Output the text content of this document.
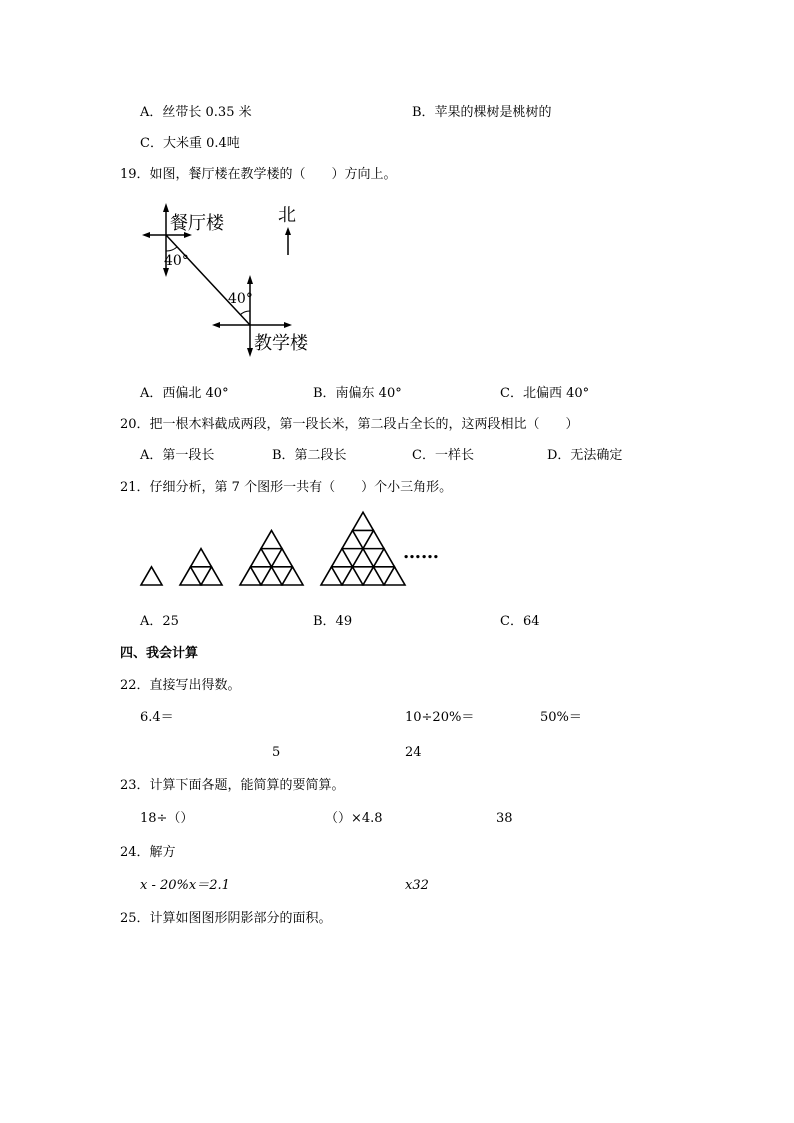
A．丝带长 0.35 米	B．苹果的棵树是桃树的
C．大米重 0.4吨
19．如图，餐厅楼在教学楼的（　　）方向上。
餐厅楼	北
40°
40°
教学楼
A．西偏北 40°	B．南偏东 40°	C．北偏西 40°
20．把一根木料截成两段，第一段长米，第二段占全长的，这两段相比（　　）
A．第一段长	B．第二段长	C．一样长	D．无法确定
21．仔细分析，第 7 个图形一共有（　　）个小三角形。
……
A．25	B．49	C．64
四、我会计算
22．直接写出得数。
6.4＝	10÷20%＝	50%＝
5	24
23．计算下面各题，能简算的要简算。
18÷（）	（）×4.8	38
24．解方
x - 20%x＝2.1	x32
25．计算如图图形阴影部分的面积。
